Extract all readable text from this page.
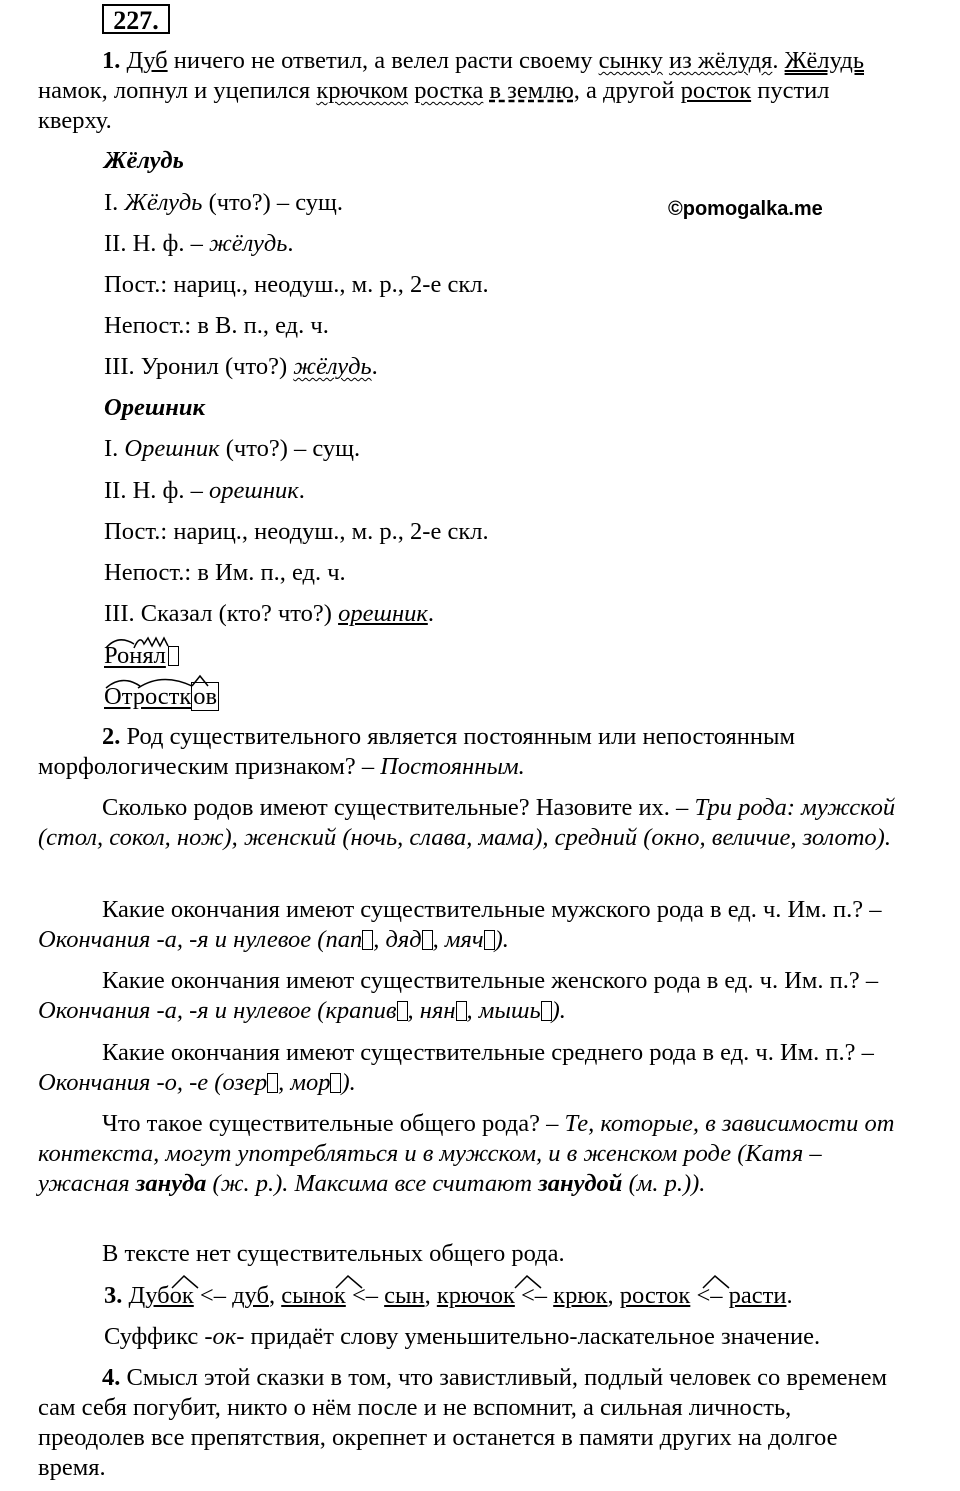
227.
1. Дуб ничего не ответил, а велел расти своему сынку из жёлудя. Жёлудь намок, лопнул и уцепился крючком ростка в землю, а другой росток пустил кверху.
©pomogalka.me
Жёлудь
I. Жёлудь (что?) – сущ.
II. Н. ф. – жёлудь.
Пост.: нариц., неодуш., м. р., 2-е скл.
Непост.: в В. п., ед. ч.
III. Уронил (что?) жёлудь.
Орешник
I. Орешник (что?) – сущ.
II. Н. ф. – орешник.
Пост.: нариц., неодуш., м. р., 2-е скл.
Непост.: в Им. п., ед. ч.
III. Сказал (кто? что?) орешник.
Ронял
Отростков
2. Род существительного является постоянным или непостоянным морфологическим признаком? – Постоянным.
Сколько родов имеют существительные? Назовите их. – Три рода: мужской (стол, сокол, нож), женский (ночь, слава, мама), средний (окно, величие, золото).
Какие окончания имеют существительные мужского рода в ед. ч. Им. п.? – Окончания -а, -я и нулевое (пап , дяд , мяч ).
Какие окончания имеют существительные женского рода в ед. ч. Им. п.? – Окончания -а, -я и нулевое (крапив , нян , мышь ).
Какие окончания имеют существительные среднего рода в ед. ч. Им. п.? – Окончания -о, -е (озер , мор ).
Что такое существительные общего рода? – Те, которые, в зависимости от контекста, могут употребляться и в мужском, и в женском роде (Катя – ужасная зануда (ж. р.). Максима все считают занудой (м. р.)).
В тексте нет существительных общего рода.
3. Дубок <– дуб, сынок <– сын, крючок <– крюк, росток <– расти.
Суффикс -ок- придаёт слову уменьшительно-ласкательное значение.
4. Смысл этой сказки в том, что завистливый, подлый человек со временем сам себя погубит, никто о нём после и не вспомнит, а сильная личность, преодолев все препятствия, окрепнет и останется в памяти других на долгое время.
